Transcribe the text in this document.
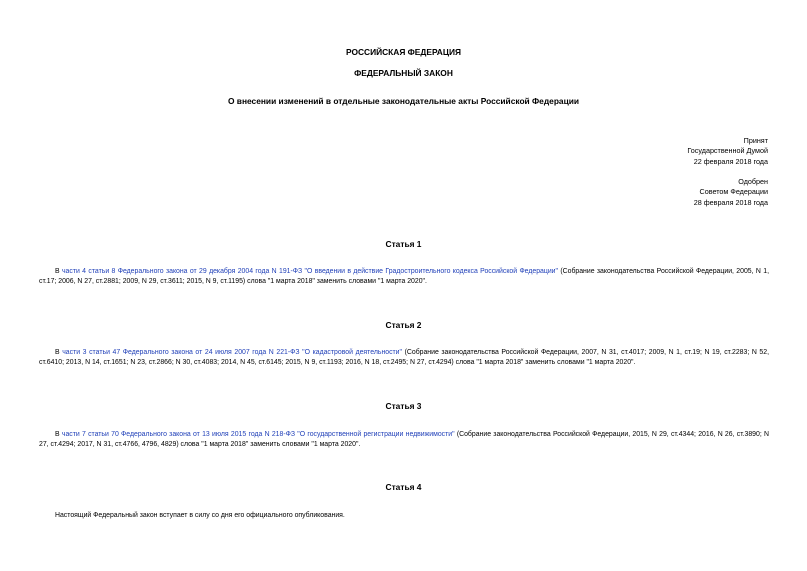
РОССИЙСКАЯ ФЕДЕРАЦИЯ

ФЕДЕРАЛЬНЫЙ ЗАКОН

О внесении изменений в отдельные законодательные акты Российской Федерации

Принят
Государственной Думой
22 февраля 2018 года
Одобрен
Советом Федерации
28 февраля 2018 года

Статья 1

В части 4 статьи 8 Федерального закона от 29 декабря 2004 года N 191-ФЗ "О введении в действие Градостроительного кодекса Российской Федерации" (Собрание законодательства Российской Федерации, 2005, N 1, ст.17; 2006, N 27, ст.2881; 2009, N 29, ст.3611; 2015, N 9, ст.1195) слова "1 марта 2018" заменить словами "1 марта 2020".

Статья 2

В части 3 статьи 47 Федерального закона от 24 июля 2007 года N 221-ФЗ "О кадастровой деятельности" (Собрание законодательства Российской Федерации, 2007, N 31, ст.4017; 2009, N 1, ст.19; N 19, ст.2283; N 52, ст.6410; 2013, N 14, ст.1651; N 23, ст.2866; N 30, ст.4083; 2014, N 45, ст.6145; 2015, N 9, ст.1193; 2016, N 18, ст.2495; N 27, ст.4294) слова "1 марта 2018" заменить словами "1 марта 2020".

Статья 3

В части 7 статьи 70 Федерального закона от 13 июля 2015 года N 218-ФЗ "О государственной регистрации недвижимости" (Собрание законодательства Российской Федерации, 2015, N 29, ст.4344; 2016, N 26, ст.3890; N 27, ст.4294; 2017, N 31, ст.4766, 4796, 4829) слова "1 марта 2018" заменить словами "1 марта 2020".

Статья 4

Настоящий Федеральный закон вступает в силу со дня его официального опубликования.
